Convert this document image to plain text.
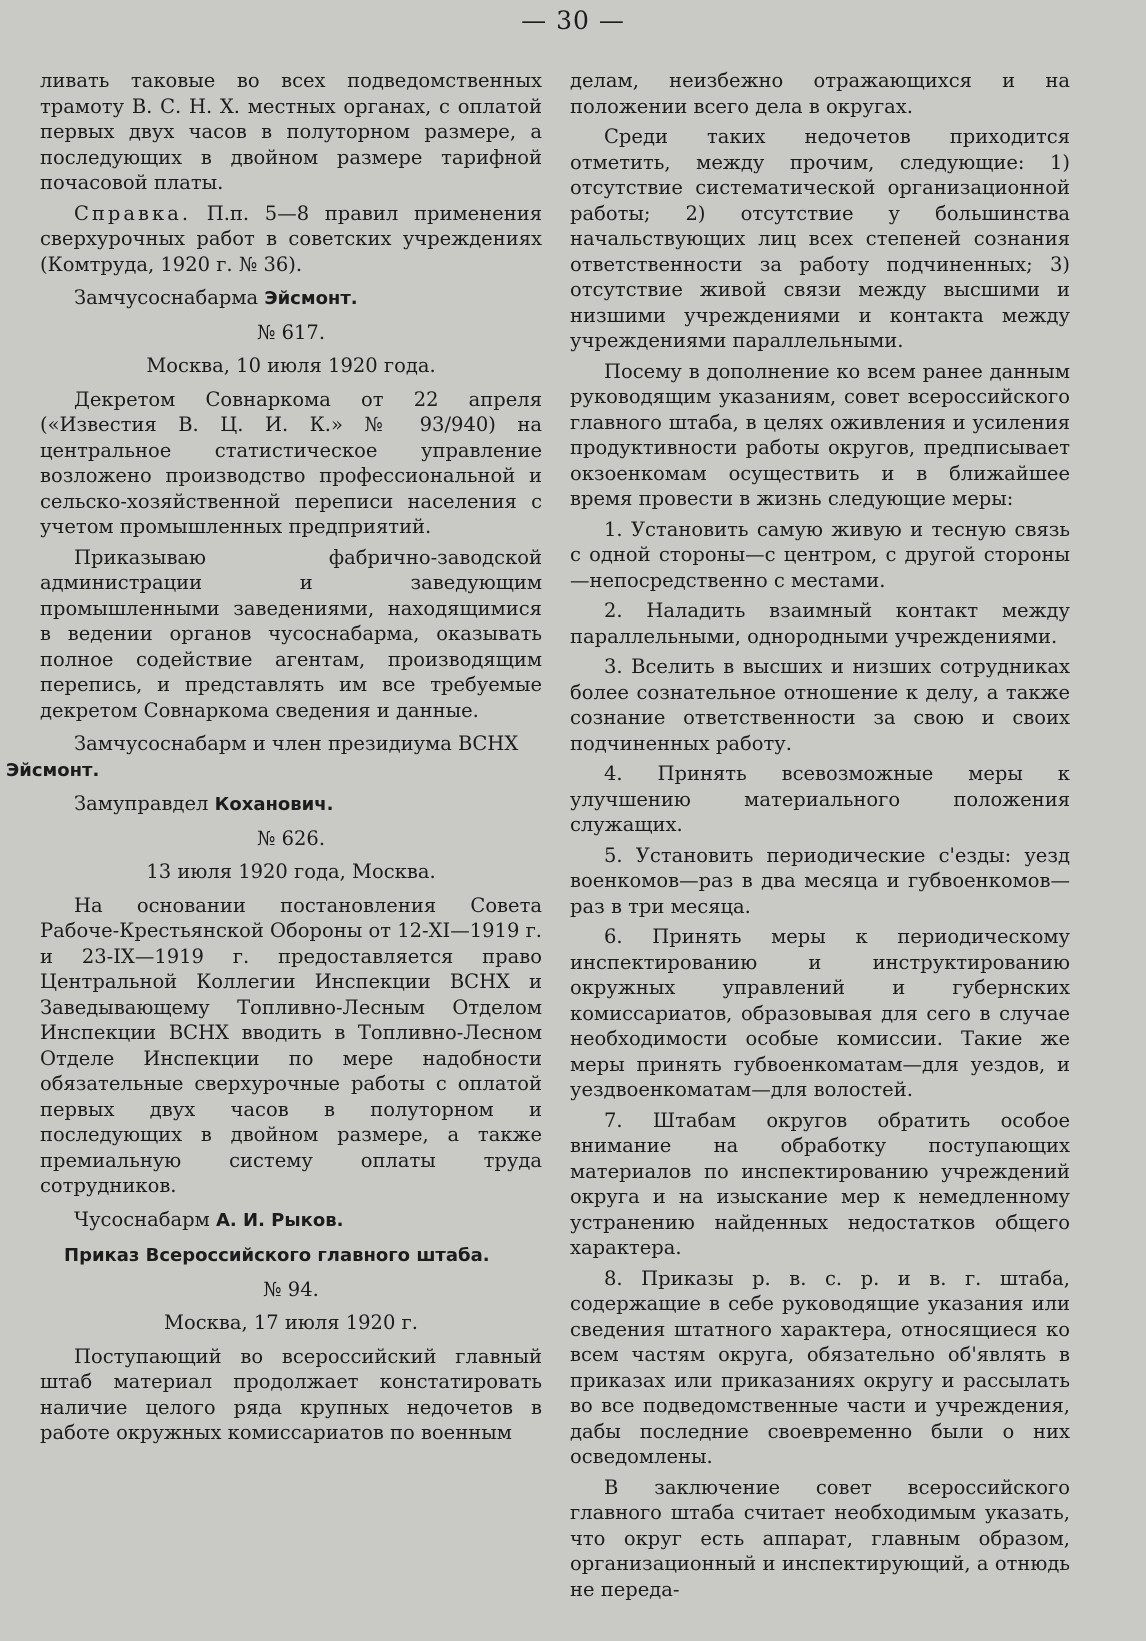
— 30 —

ливать таковые во всех подведомственных трамоту В. С. Н. Х. местных органах, с оплатой первых двух часов в полуторном размере, а последующих в двойном размере тарифной почасовой платы.

Справка. П.п. 5—8 правил применения сверхурочных работ в советских учреждениях (Комтруда, 1920 г. № 36).

Замчусоснабарма Эйсмонт.

№ 617.

Москва, 10 июля 1920 года.

Декретом Совнаркома от 22 апреля («Известия В. Ц. И. К.» № 93/940) на центральное статистическое управление возложено производство профессиональной и сельско-хозяйственной переписи населения с учетом промышленных предприятий.

Приказываю фабрично-заводской администрации и заведующим промышленными заведениями, находящимися в ведении органов чусоснабарма, оказывать полное содействие агентам, производящим перепись, и представлять им все требуемые декретом Совнаркома сведения и данные.

Замчусоснабарм и член президиума ВСНХ
Эйсмонт.

Замуправдел Коханович.

№ 626.

13 июля 1920 года, Москва.

На основании постановления Совета Рабоче-Крестьянской Обороны от 12-XI—1919 г. и 23-IX—1919 г. предоставляется право Центральной Коллегии Инспекции ВСНХ и Заведывающему Топливно-Лесным Отделом Инспекции ВСНХ вводить в Топливно-Лесном Отделе Инспекции по мере надобности обязательные сверхурочные работы с оплатой первых двух часов в полуторном и последующих в двойном размере, а также премиальную систему оплаты труда сотрудников.

Чусоснабарм А. И. Рыков.

Приказ Всероссийского главного штаба.

№ 94.

Москва, 17 июля 1920 г.

Поступающий во всероссийский главный штаб материал продолжает констатировать наличие целого ряда крупных недочетов в работе окружных комиссариатов по военным

делам, неизбежно отражающихся и на положении всего дела в округах.

Среди таких недочетов приходится отметить, между прочим, следующие: 1) отсутствие систематической организационной работы; 2) отсутствие у большинства начальствующих лиц всех степеней сознания ответственности за работу подчиненных; 3) отсутствие живой связи между высшими и низшими учреждениями и контакта между учреждениями параллельными.

Посему в дополнение ко всем ранее данным руководящим указаниям, совет всероссийского главного штаба, в целях оживления и усиления продуктивности работы округов, предписывает окзоенкомам осуществить и в ближайшее время провести в жизнь следующие меры:

1. Установить самую живую и тесную связь с одной стороны—с центром, с другой стороны—непосредственно с местами.

2. Наладить взаимный контакт между параллельными, однородными учреждениями.

3. Вселить в высших и низших сотрудниках более сознательное отношение к делу, а также сознание ответственности за свою и своих подчиненных работу.

4. Принять всевозможные меры к улучшению материального положения служащих.

5. Установить периодические с'езды: уезд военкомов—раз в два месяца и губвоенкомов—раз в три месяца.

6. Принять меры к периодическому инспектированию и инструктированию окружных управлений и губернских комиссариатов, образовывая для сего в случае необходимости особые комиссии. Такие же меры принять губвоенкоматам—для уездов, и уездвоенкоматам—для волостей.

7. Штабам округов обратить особое внимание на обработку поступающих материалов по инспектированию учреждений округа и на изыскание мер к немедленному устранению найденных недостатков общего характера.

8. Приказы р. в. с. р. и в. г. штаба, содержащие в себе руководящие указания или сведения штатного характера, относящиеся ко всем частям округа, обязательно об'являть в приказах или приказаниях округу и рассылать во все подведомственные части и учреждения, дабы последние своевременно были о них осведомлены.

В заключение совет всероссийского главного штаба считает необходимым указать, что округ есть аппарат, главным образом, организационный и инспектирующий, а отнюдь не переда-
